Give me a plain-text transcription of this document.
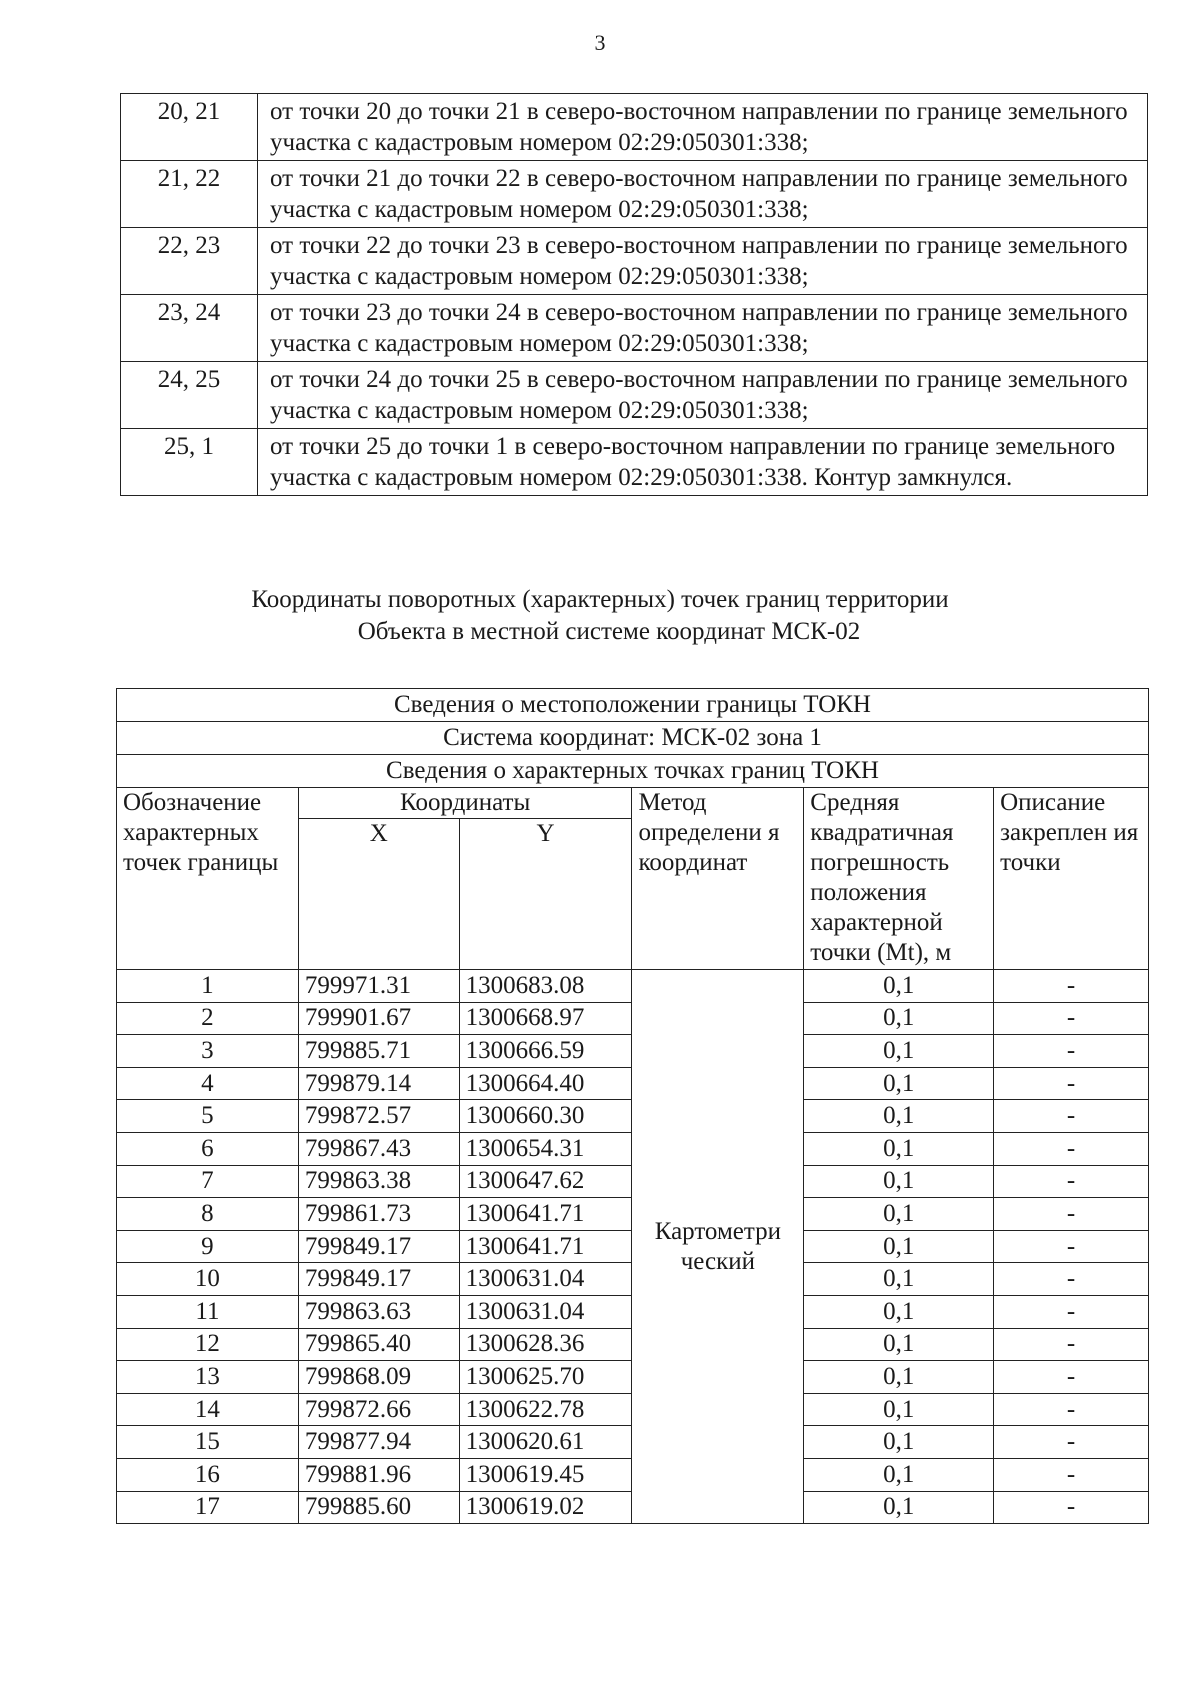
3
20, 21	от точки 20 до точки 21 в северо-восточном направлении по границе земельного участка с кадастровым номером 02:29:050301:338;
21, 22	от точки 21 до точки 22 в северо-восточном направлении по границе земельного участка с кадастровым номером 02:29:050301:338;
22, 23	от точки 22 до точки 23 в северо-восточном направлении по границе земельного участка с кадастровым номером 02:29:050301:338;
23, 24	от точки 23 до точки 24 в северо-восточном направлении по границе земельного участка с кадастровым номером 02:29:050301:338;
24, 25	от точки 24 до точки 25 в северо-восточном направлении по границе земельного участка с кадастровым номером 02:29:050301:338;
25, 1	от точки 25 до точки 1 в северо-восточном направлении по границе земельного участка с кадастровым номером 02:29:050301:338. Контур замкнулся.
Координаты поворотных (характерных) точек границ территории

Объекта в местной системе координат МСК-02
Сведения о местоположении границы ТОКН					
Система координат: МСК-02 зона 1					
Сведения о характерных точках границ ТОКН					
Обозначение характерных точек границы	Координаты		Метод определени я координат	Средняя квадратичная погрешность положения характерной точки (Mt), м	Описание закреплен ия точки
	X	Y			
1	799971.31	1300683.08	Картометри ческий	0,1	-
2	799901.67	1300668.97		0,1	-
3	799885.71	1300666.59		0,1	-
4	799879.14	1300664.40		0,1	-
5	799872.57	1300660.30		0,1	-
6	799867.43	1300654.31		0,1	-
7	799863.38	1300647.62		0,1	-
8	799861.73	1300641.71		0,1	-
9	799849.17	1300641.71		0,1	-
10	799849.17	1300631.04		0,1	-
11	799863.63	1300631.04		0,1	-
12	799865.40	1300628.36		0,1	-
13	799868.09	1300625.70		0,1	-
14	799872.66	1300622.78		0,1	-
15	799877.94	1300620.61		0,1	-
16	799881.96	1300619.45		0,1	-
17	799885.60	1300619.02		0,1	-
